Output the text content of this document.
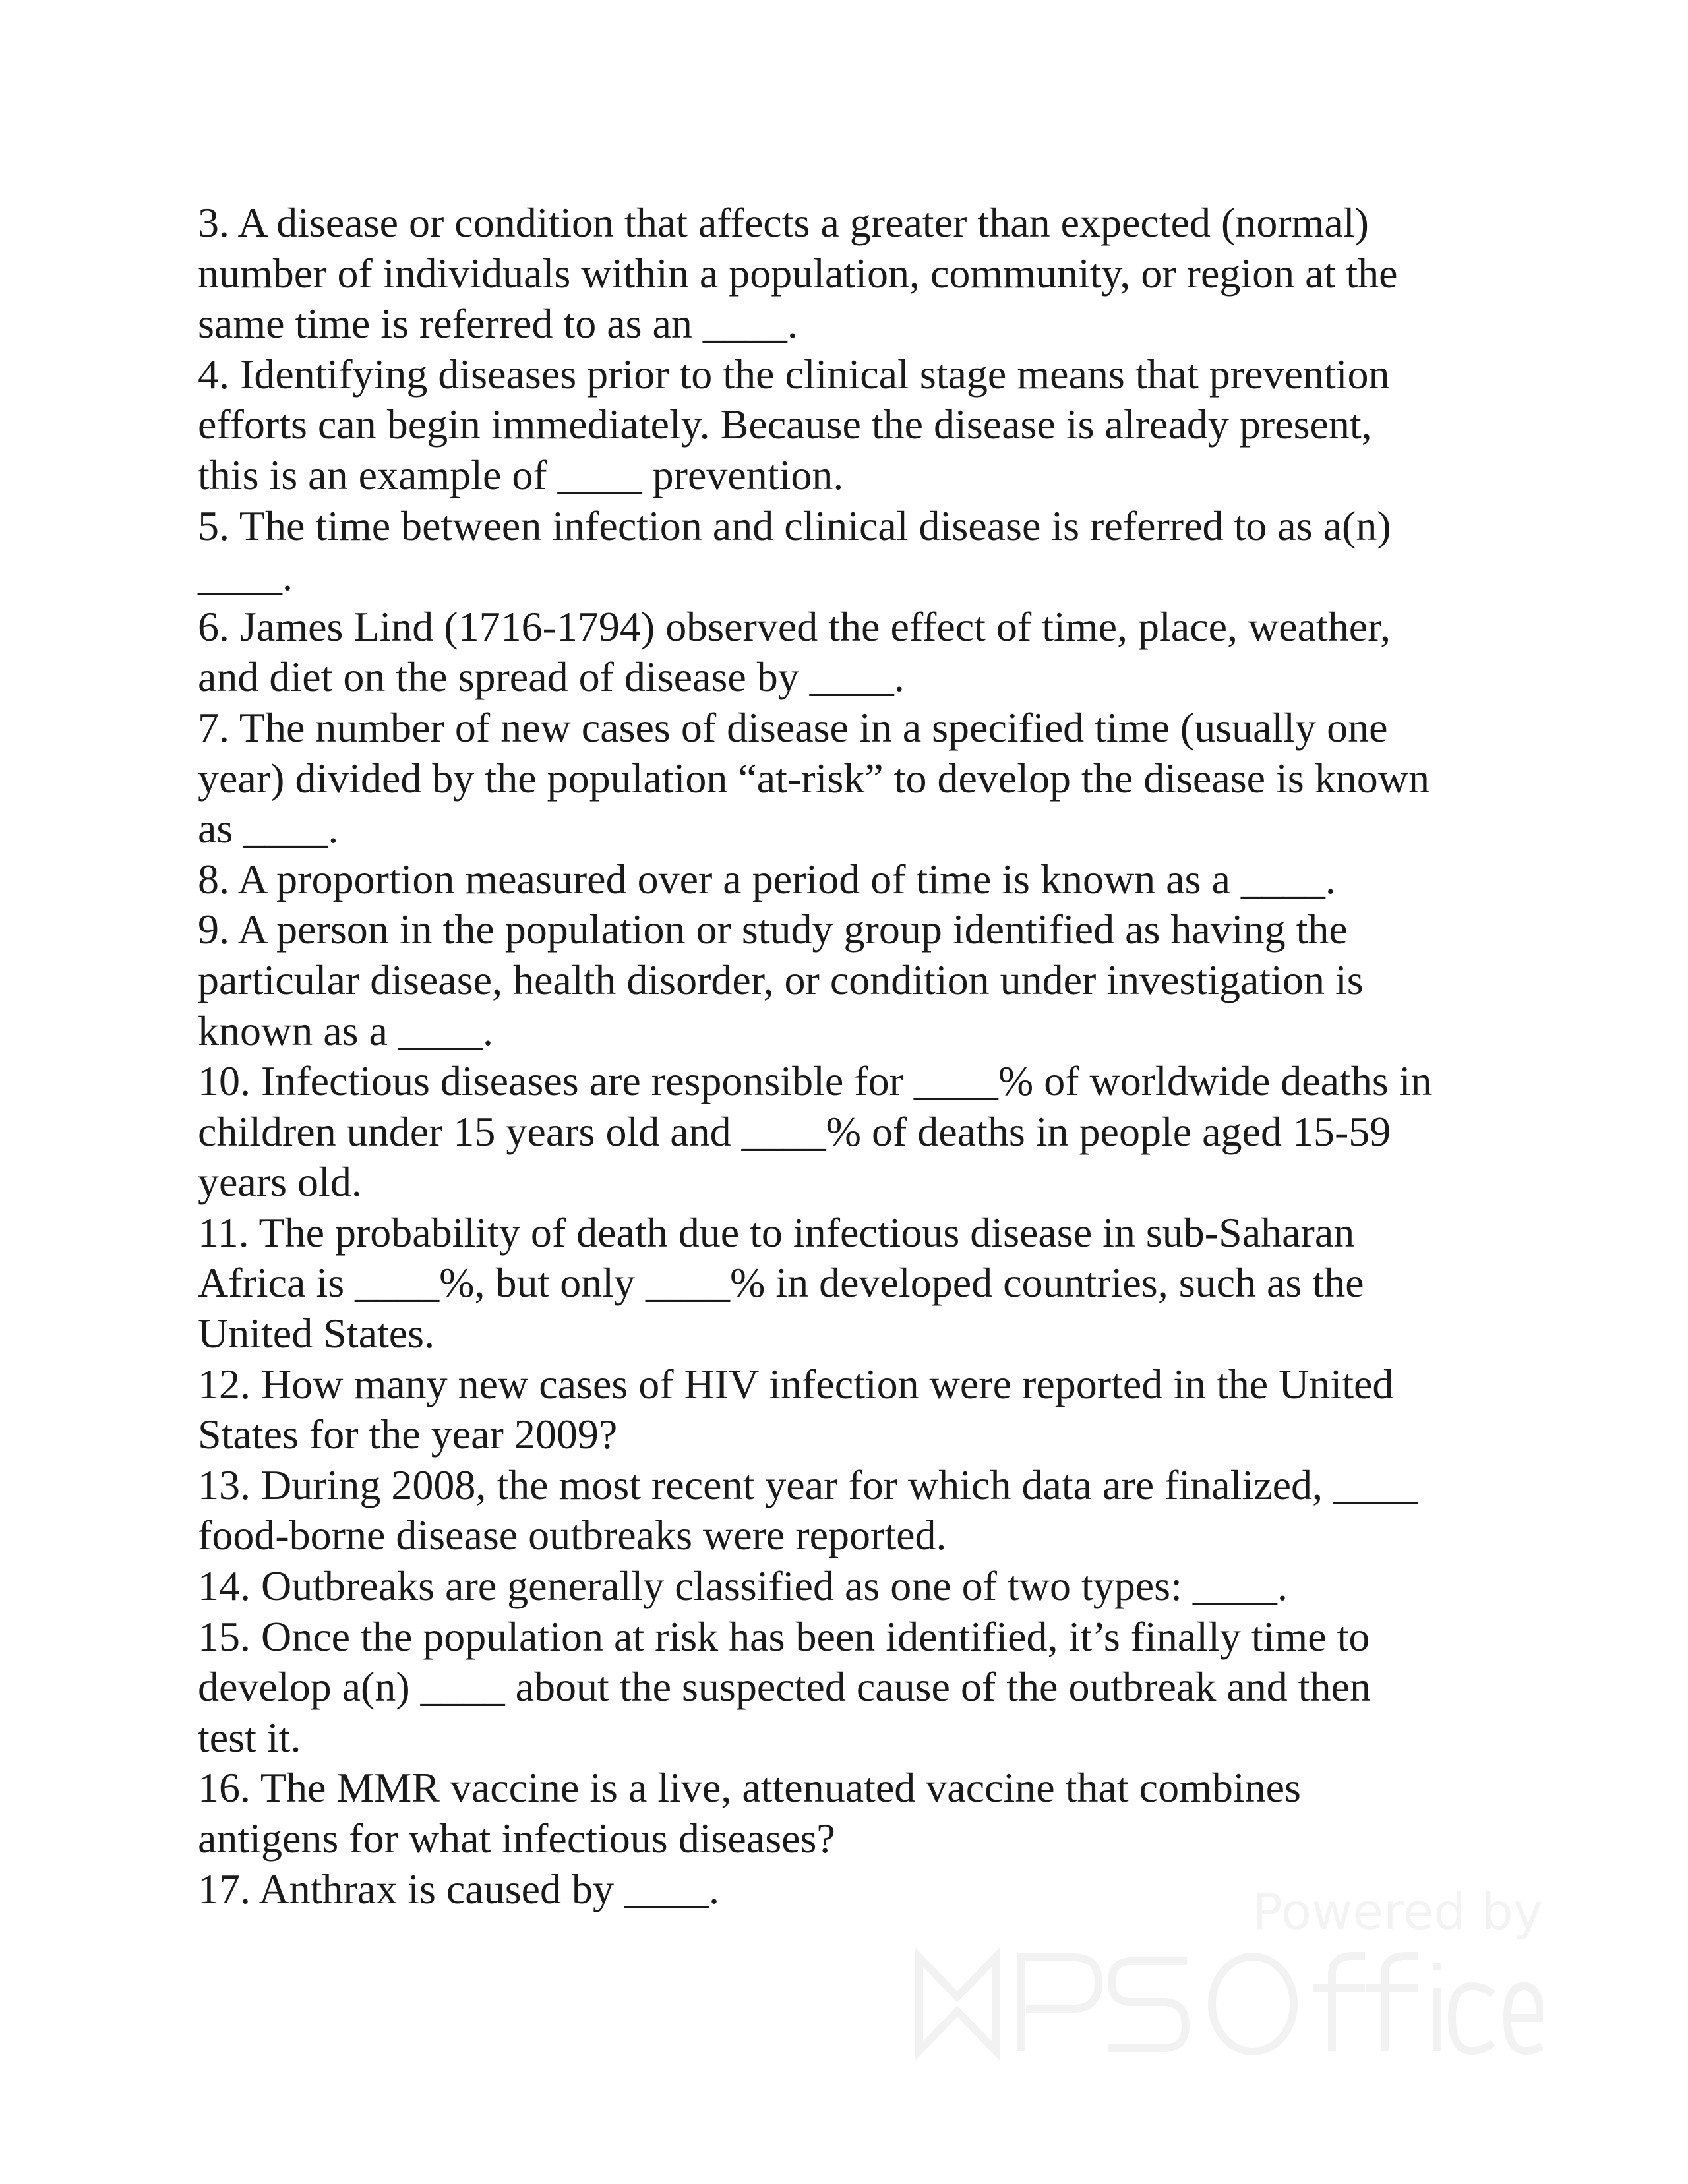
3. A disease or condition that affects a greater than expected (normal)
number of individuals within a population, community, or region at the
same time is referred to as an ____.
4. Identifying diseases prior to the clinical stage means that prevention
efforts can begin immediately. Because the disease is already present,
this is an example of ____ prevention.
5. The time between infection and clinical disease is referred to as a(n)
____.
6. James Lind (1716-1794) observed the effect of time, place, weather,
and diet on the spread of disease by ____.
7. The number of new cases of disease in a specified time (usually one
year) divided by the population “at-risk” to develop the disease is known
as ____.
8. A proportion measured over a period of time is known as a ____.
9. A person in the population or study group identified as having the
particular disease, health disorder, or condition under investigation is
known as a ____.
10. Infectious diseases are responsible for ____% of worldwide deaths in
children under 15 years old and ____% of deaths in people aged 15-59
years old.
11. The probability of death due to infectious disease in sub-Saharan
Africa is ____%, but only ____% in developed countries, such as the
United States.
12. How many new cases of HIV infection were reported in the United
States for the year 2009?
13. During 2008, the most recent year for which data are finalized, ____
food-borne disease outbreaks were reported.
14. Outbreaks are generally classified as one of two types: ____.
15. Once the population at risk has been identified, it’s finally time to
develop a(n) ____ about the suspected cause of the outbreak and then
test it.
16. The MMR vaccine is a live, attenuated vaccine that combines
antigens for what infectious diseases?
17. Anthrax is caused by ____.	Powered by
